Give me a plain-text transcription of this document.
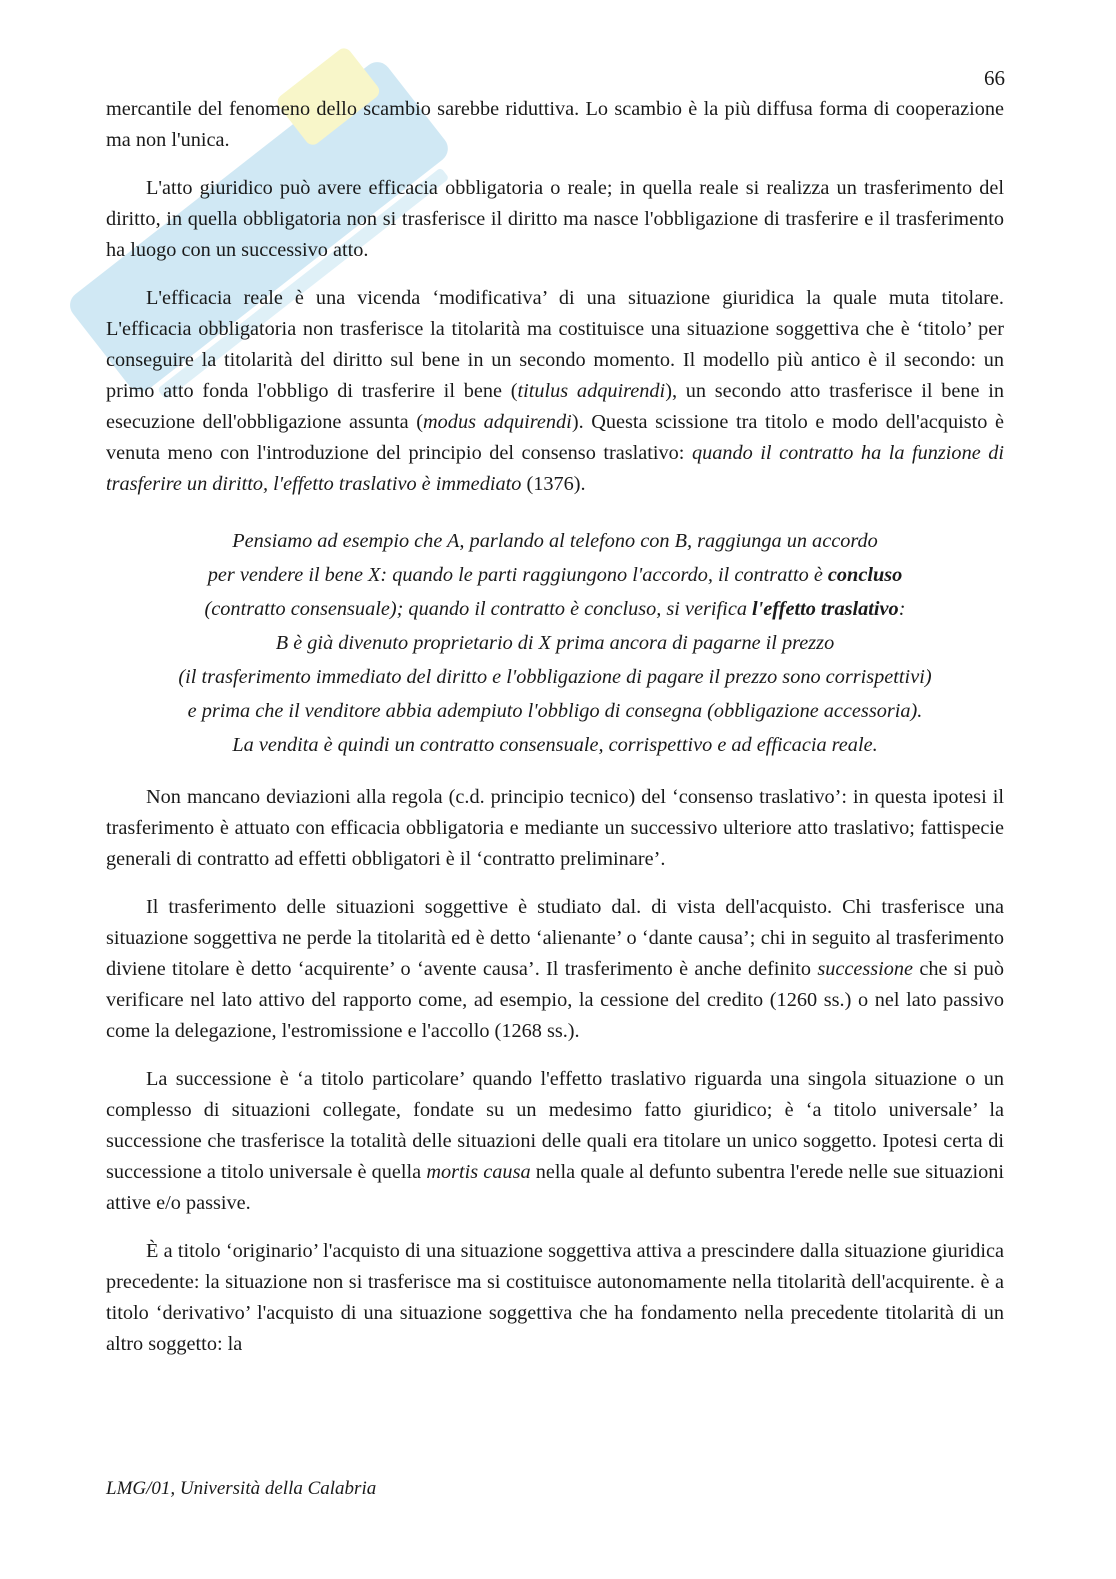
66

mercantile del fenomeno dello scambio sarebbe riduttiva. Lo scambio è la più diffusa forma di cooperazione ma non l'unica.

L'atto giuridico può avere efficacia obbligatoria o reale; in quella reale si realizza un trasferimento del diritto, in quella obbligatoria non si trasferisce il diritto ma nasce l'obbligazione di trasferire e il trasferimento ha luogo con un successivo atto.

L'efficacia reale è una vicenda ‘modificativa’ di una situazione giuridica la quale muta titolare. L'efficacia obbligatoria non trasferisce la titolarità ma costituisce una situazione soggettiva che è ‘titolo’ per conseguire la titolarità del diritto sul bene in un secondo momento. Il modello più antico è il secondo: un primo atto fonda l'obbligo di trasferire il bene (titulus adquirendi), un secondo atto trasferisce il bene in esecuzione dell'obbligazione assunta (modus adquirendi). Questa scissione tra titolo e modo dell'acquisto è venuta meno con l'introduzione del principio del consenso traslativo: quando il contratto ha la funzione di trasferire un diritto, l'effetto traslativo è immediato (1376).

Pensiamo ad esempio che A, parlando al telefono con B, raggiunga un accordo
per vendere il bene X: quando le parti raggiungono l'accordo, il contratto è concluso
(contratto consensuale); quando il contratto è concluso, si verifica l'effetto traslativo:
B è già divenuto proprietario di X prima ancora di pagarne il prezzo
(il trasferimento immediato del diritto e l'obbligazione di pagare il prezzo sono corrispettivi)
e prima che il venditore abbia adempiuto l'obbligo di consegna (obbligazione accessoria).
La vendita è quindi un contratto consensuale, corrispettivo e ad efficacia reale.

Non mancano deviazioni alla regola (c.d. principio tecnico) del ‘consenso traslativo’: in questa ipotesi il trasferimento è attuato con efficacia obbligatoria e mediante un successivo ulteriore atto traslativo; fattispecie generali di contratto ad effetti obbligatori è il ‘contratto preliminare’.

Il trasferimento delle situazioni soggettive è studiato dal. di vista dell'acquisto. Chi trasferisce una situazione soggettiva ne perde la titolarità ed è detto ‘alienante’ o ‘dante causa’; chi in seguito al trasferimento diviene titolare è detto ‘acquirente’ o ‘avente causa’. Il trasferimento è anche definito successione che si può verificare nel lato attivo del rapporto come, ad esempio, la cessione del credito (1260 ss.) o nel lato passivo come la delegazione, l'estromissione e l'accollo (1268 ss.).

La successione è ‘a titolo particolare’ quando l'effetto traslativo riguarda una singola situazione o un complesso di situazioni collegate, fondate su un medesimo fatto giuridico; è ‘a titolo universale’ la successione che trasferisce la totalità delle situazioni delle quali era titolare un unico soggetto. Ipotesi certa di successione a titolo universale è quella mortis causa nella quale al defunto subentra l'erede nelle sue situazioni attive e/o passive.

È a titolo ‘originario’ l'acquisto di una situazione soggettiva attiva a prescindere dalla situazione giuridica precedente: la situazione non si trasferisce ma si costituisce autonomamente nella titolarità dell'acquirente. è a titolo ‘derivativo’ l'acquisto di una situazione soggettiva che ha fondamento nella precedente titolarità di un altro soggetto: la

LMG/01, Università della Calabria
